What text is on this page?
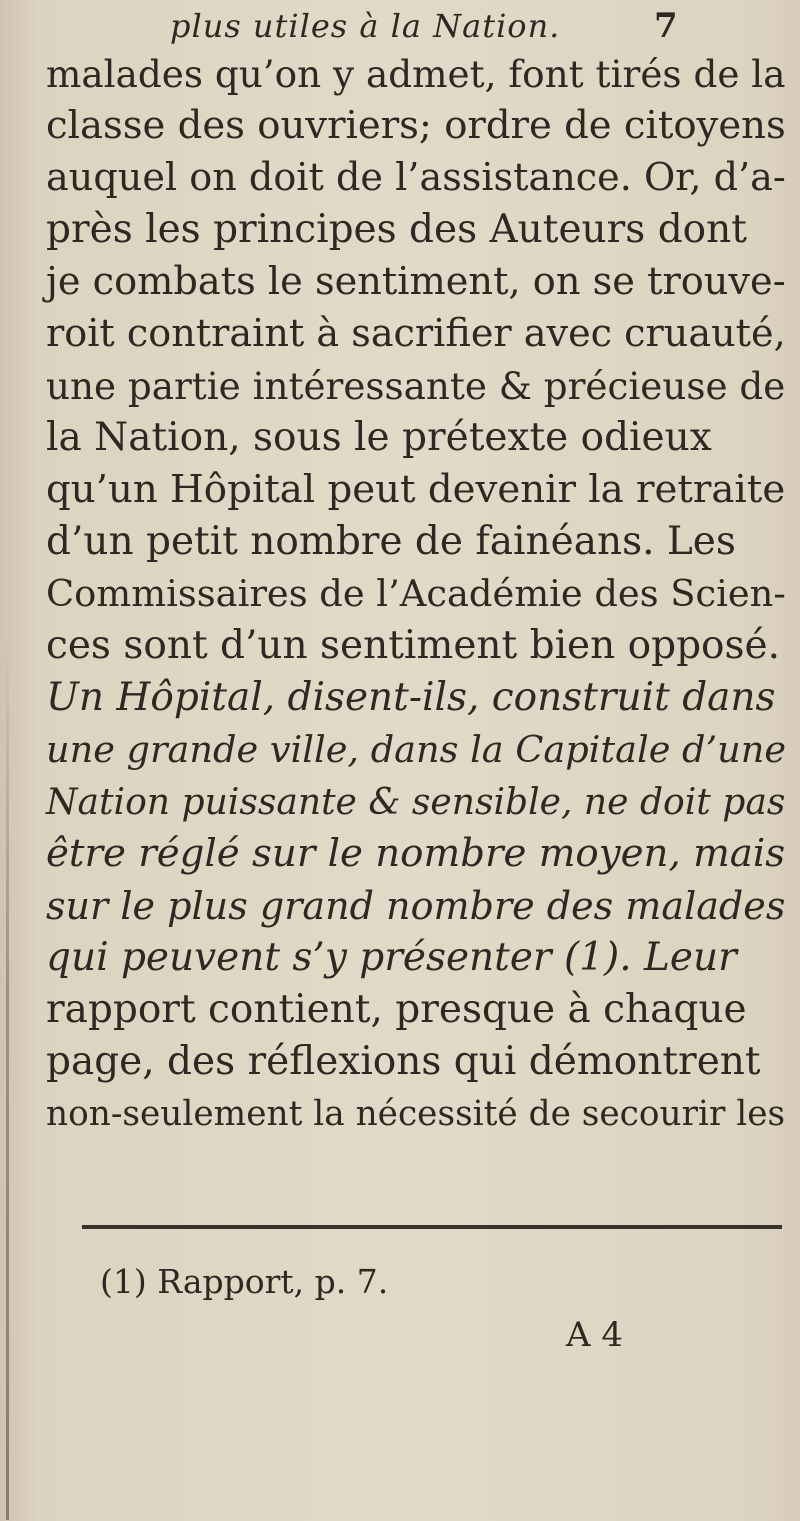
plus utiles à la Nation.	7
malades qu’on y admet, font tirés de la
classe des ouvriers; ordre de citoyens
auquel on doit de l’assistance. Or, d’a-
près les principes des Auteurs dont
je combats le sentiment, on se trouve-
roit contraint à sacrifier avec cruauté,
une partie intéressante & précieuse de
la Nation, sous le prétexte odieux
qu’un Hôpital peut devenir la retraite
d’un petit nombre de fainéans. Les
Commissaires de l’Académie des Scien-
ces sont d’un sentiment bien opposé.
Un Hôpital, disent-ils, construit dans
une grande ville, dans la Capitale d’une
Nation puissante & sensible, ne doit pas
être réglé sur le nombre moyen, mais
sur le plus grand nombre des malades
qui peuvent s’y présenter (1). Leur
rapport contient, presque à chaque
page, des réflexions qui démontrent
non-seulement la nécessité de secourir les
(1) Rapport, p. 7.
A 4
